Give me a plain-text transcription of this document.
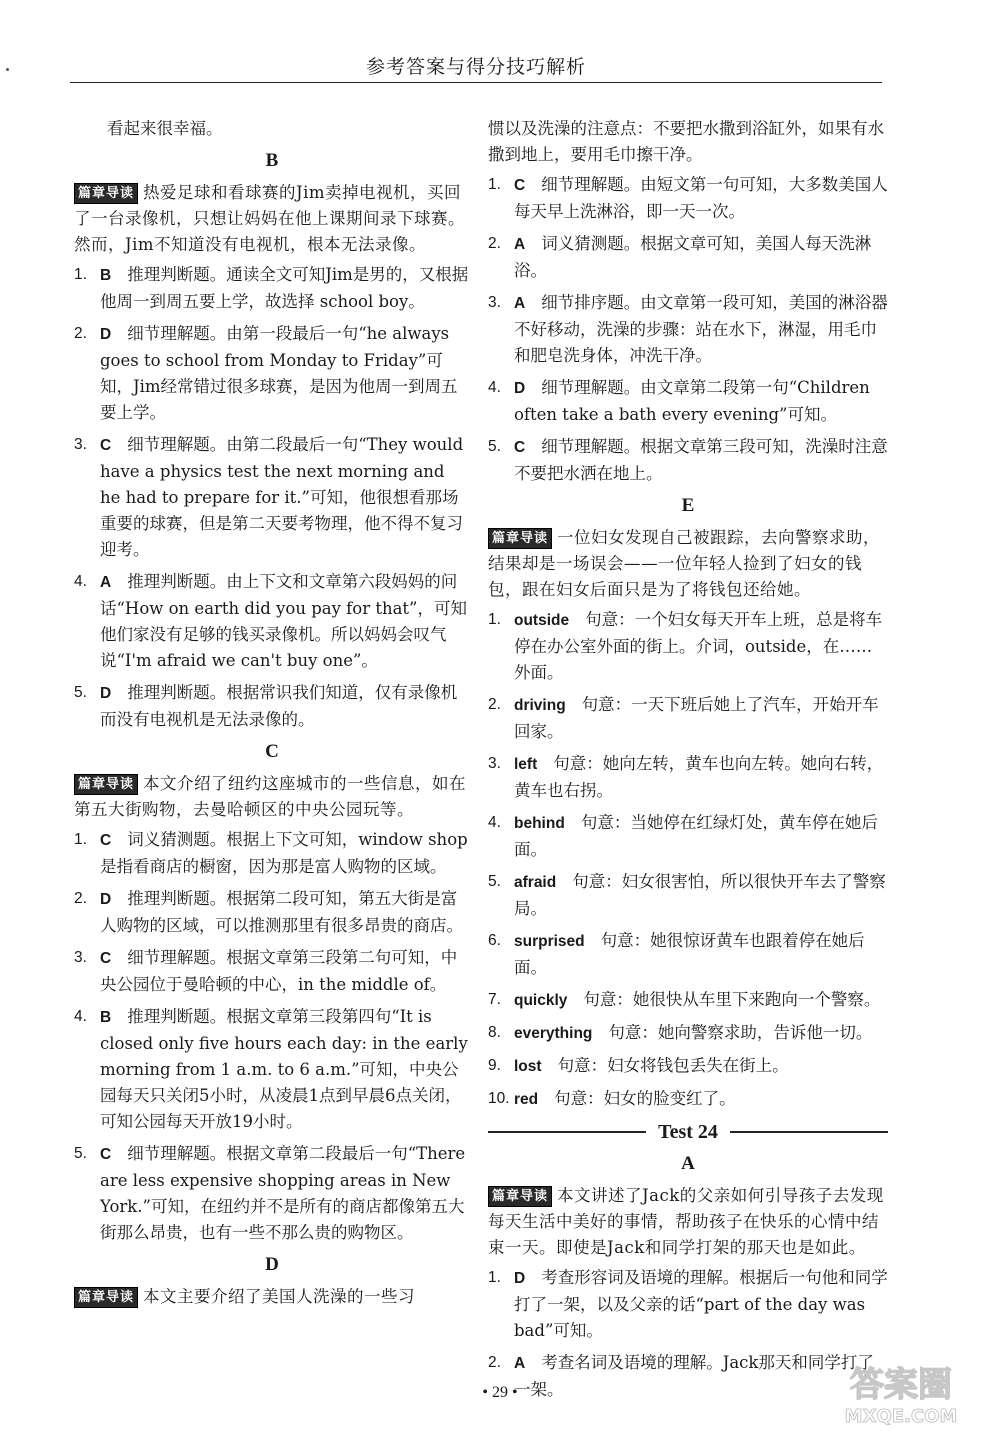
参考答案与得分技巧解析
看起来很幸福。
B
篇章导读 热爱足球和看球赛的Jim卖掉电视机，买回了一台录像机，只想让妈妈在他上课期间录下球赛。然而，Jim不知道没有电视机，根本无法录像。
1. B 推理判断题。通读全文可知Jim是男的，又根据他周一到周五要上学，故选择 school boy。
2. D 细节理解题。由第一段最后一句“he always goes to school from Monday to Friday”可知，Jim经常错过很多球赛，是因为他周一到周五要上学。
3. C 细节理解题。由第二段最后一句“They would have a physics test the next morning and he had to prepare for it.”可知，他很想看那场重要的球赛，但是第二天要考物理，他不得不复习迎考。
4. A 推理判断题。由上下文和文章第六段妈妈的问话“How on earth did you pay for that”，可知他们家没有足够的钱买录像机。所以妈妈会叹气说“I'm afraid we can't buy one”。
5. D 推理判断题。根据常识我们知道，仅有录像机而没有电视机是无法录像的。
C
篇章导读 本文介绍了纽约这座城市的一些信息，如在第五大街购物，去曼哈顿区的中央公园玩等。
1. C 词义猜测题。根据上下文可知，window shop是指看商店的橱窗，因为那是富人购物的区域。
2. D 推理判断题。根据第二段可知，第五大街是富人购物的区域，可以推测那里有很多昂贵的商店。
3. C 细节理解题。根据文章第三段第二句可知，中央公园位于曼哈顿的中心，in the middle of。
4. B 推理判断题。根据文章第三段第四句“It is closed only five hours each day: in the early morning from 1 a.m. to 6 a.m.”可知，中央公园每天只关闭5小时，从凌晨1点到早晨6点关闭，可知公园每天开放19小时。
5. C 细节理解题。根据文章第二段最后一句“There are less expensive shopping areas in New York.”可知，在纽约并不是所有的商店都像第五大街那么昂贵，也有一些不那么贵的购物区。
D
篇章导读 本文主要介绍了美国人洗澡的一些习
惯以及洗澡的注意点：不要把水撒到浴缸外，如果有水撒到地上，要用毛巾擦干净。
1. C 细节理解题。由短文第一句可知，大多数美国人每天早上洗淋浴，即一天一次。
2. A 词义猜测题。根据文章可知，美国人每天洗淋浴。
3. A 细节排序题。由文章第一段可知，美国的淋浴器不好移动，洗澡的步骤：站在水下，淋湿，用毛巾和肥皂洗身体，冲洗干净。
4. D 细节理解题。由文章第二段第一句“Children often take a bath every evening”可知。
5. C 细节理解题。根据文章第三段可知，洗澡时注意不要把水洒在地上。
E
篇章导读 一位妇女发现自己被跟踪，去向警察求助，结果却是一场误会——一位年轻人捡到了妇女的钱包，跟在妇女后面只是为了将钱包还给她。
1. outside 句意：一个妇女每天开车上班，总是将车停在办公室外面的街上。介词，outside，在……外面。
2. driving 句意：一天下班后她上了汽车，开始开车回家。
3. left 句意：她向左转，黄车也向左转。她向右转，黄车也右拐。
4. behind 句意：当她停在红绿灯处，黄车停在她后面。
5. afraid 句意：妇女很害怕，所以很快开车去了警察局。
6. surprised 句意：她很惊讶黄车也跟着停在她后面。
7. quickly 句意：她很快从车里下来跑向一个警察。
8. everything 句意：她向警察求助，告诉他一切。
9. lost 句意：妇女将钱包丢失在街上。
10. red 句意：妇女的脸变红了。
Test 24
A
篇章导读 本文讲述了Jack的父亲如何引导孩子去发现每天生活中美好的事情，帮助孩子在快乐的心情中结束一天。即使是Jack和同学打架的那天也是如此。
1. D 考查形容词及语境的理解。根据后一句他和同学打了一架，以及父亲的话“part of the day was bad”可知。
2. A 考查名词及语境的理解。Jack那天和同学打了一架。
• 29 •	答案圈
MXQE.COM
